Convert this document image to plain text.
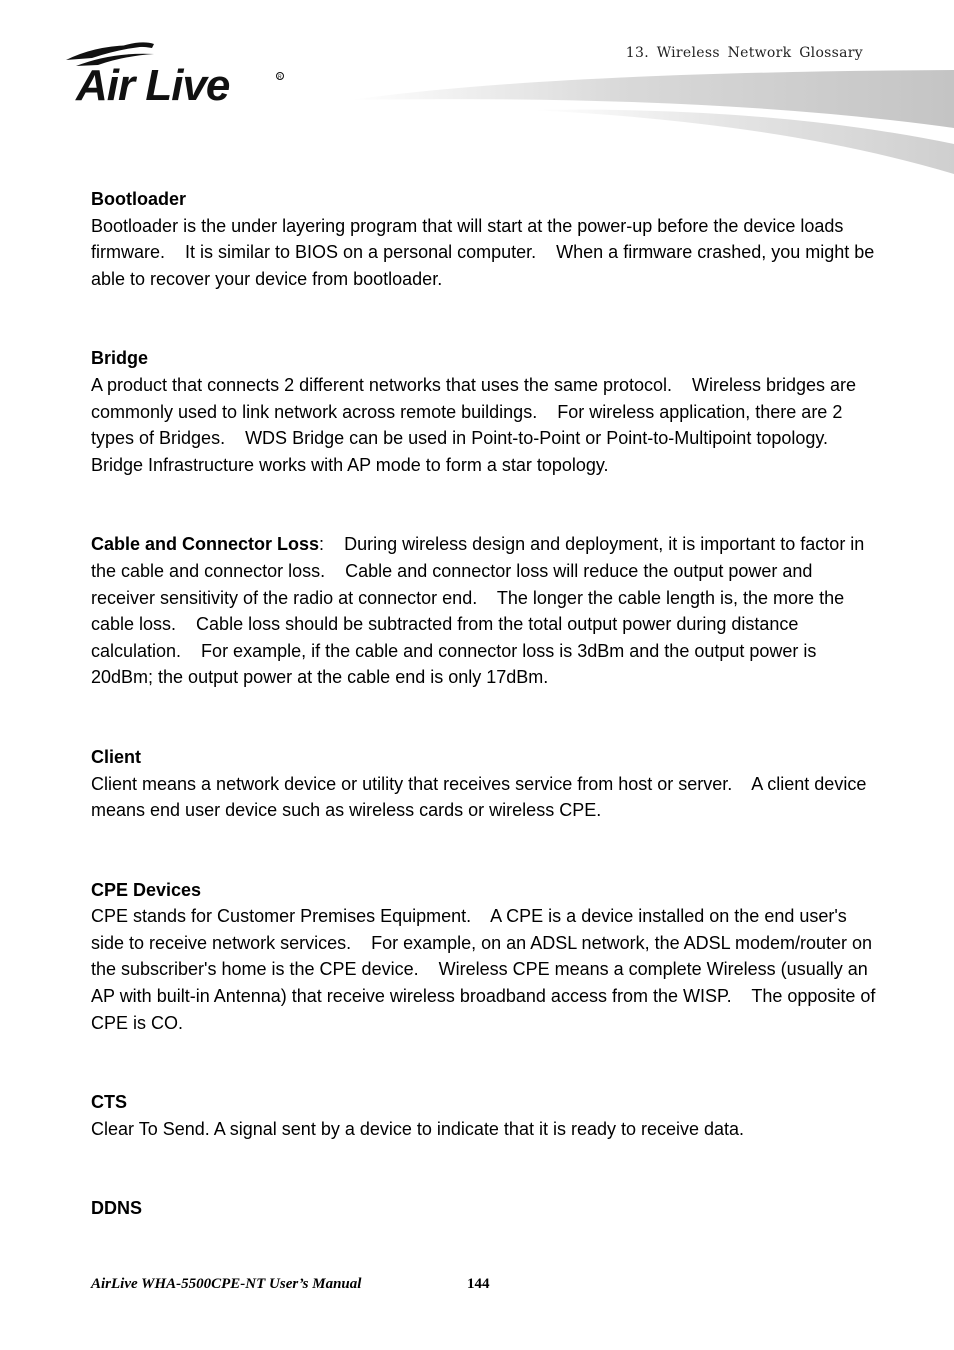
Air Live	R
13. Wireless Network Glossary

Bootloader

Bootloader is the under layering program that will start at the power-up before the device loads firmware.    It is similar to BIOS on a personal computer.    When a firmware crashed, you might be able to recover your device from bootloader.

Bridge

A product that connects 2 different networks that uses the same protocol.    Wireless bridges are commonly used to link network across remote buildings.    For wireless application, there are 2 types of Bridges.    WDS Bridge can be used in Point-to-Point or Point-to-Multipoint topology.    Bridge Infrastructure works with AP mode to form a star topology.

Cable and Connector Loss:    During wireless design and deployment, it is important to factor in the cable and connector loss.    Cable and connector loss will reduce the output power and receiver sensitivity of the radio at connector end.    The longer the cable length is, the more the cable loss.    Cable loss should be subtracted from the total output power during distance calculation.    For example, if the cable and connector loss is 3dBm and the output power is 20dBm; the output power at the cable end is only 17dBm.

Client

Client means a network device or utility that receives service from host or server.    A client device means end user device such as wireless cards or wireless CPE.

CPE Devices

CPE stands for Customer Premises Equipment.    A CPE is a device installed on the end user's side to receive network services.    For example, on an ADSL network, the ADSL modem/router on the subscriber's home is the CPE device.    Wireless CPE means a complete Wireless (usually an AP with built-in Antenna) that receive wireless broadband access from the WISP.    The opposite of CPE is CO.

CTS

Clear To Send. A signal sent by a device to indicate that it is ready to receive data.

DDNS

AirLive WHA-5500CPE-NT User’s Manual	144
